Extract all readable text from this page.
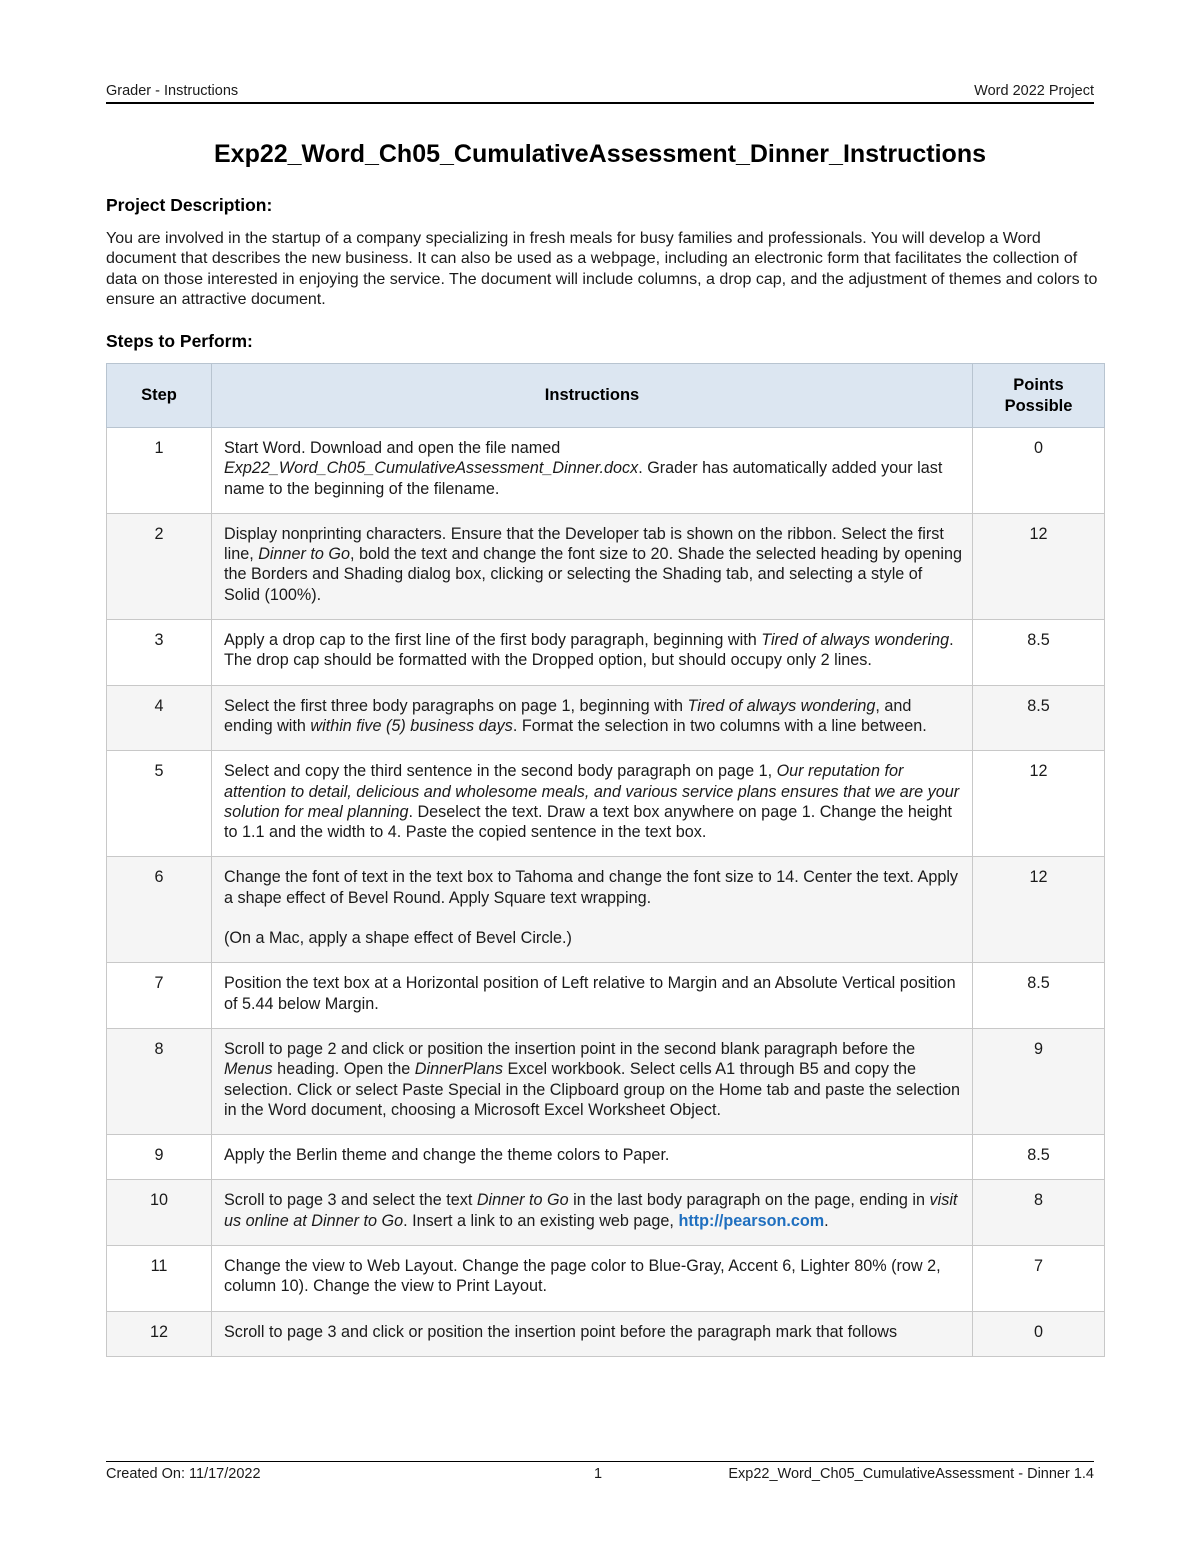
Grader - Instructions	Word 2022 Project
Exp22_Word_Ch05_CumulativeAssessment_Dinner_Instructions
Project Description:
You are involved in the startup of a company specializing in fresh meals for busy families and professionals. You will develop a Word document that describes the new business. It can also be used as a webpage, including an electronic form that facilitates the collection of data on those interested in enjoying the service. The document will include columns, a drop cap, and the adjustment of themes and colors to ensure an attractive document.
Steps to Perform:
Step	Instructions	Points
Possible
1	Start Word. Download and open the file named Exp22_Word_Ch05_CumulativeAssessment_Dinner.docx. Grader has automatically added your last name to the beginning of the filename.	0
2	Display nonprinting characters. Ensure that the Developer tab is shown on the ribbon. Select the first line, Dinner to Go, bold the text and change the font size to 20. Shade the selected heading by opening the Borders and Shading dialog box, clicking or selecting the Shading tab, and selecting a style of Solid (100%).	12
3	Apply a drop cap to the first line of the first body paragraph, beginning with Tired of always wondering. The drop cap should be formatted with the Dropped option, but should occupy only 2 lines.	8.5
4	Select the first three body paragraphs on page 1, beginning with Tired of always wondering, and ending with within five (5) business days. Format the selection in two columns with a line between.	8.5
5	Select and copy the third sentence in the second body paragraph on page 1, Our reputation for attention to detail, delicious and wholesome meals, and various service plans ensures that we are your solution for meal planning. Deselect the text. Draw a text box anywhere on page 1. Change the height to 1.1 and the width to 4. Paste the copied sentence in the text box.	12
6	Change the font of text in the text box to Tahoma and change the font size to 14. Center the text. Apply a shape effect of Bevel Round. Apply Square text wrapping.
(On a Mac, apply a shape effect of Bevel Circle.)	12
7	Position the text box at a Horizontal position of Left relative to Margin and an Absolute Vertical position of 5.44 below Margin.	8.5
8	Scroll to page 2 and click or position the insertion point in the second blank paragraph before the Menus heading. Open the DinnerPlans Excel workbook. Select cells A1 through B5 and copy the selection. Click or select Paste Special in the Clipboard group on the Home tab and paste the selection in the Word document, choosing a Microsoft Excel Worksheet Object.	9
9	Apply the Berlin theme and change the theme colors to Paper.	8.5
10	Scroll to page 3 and select the text Dinner to Go in the last body paragraph on the page, ending in visit us online at Dinner to Go. Insert a link to an existing web page, http://pearson.com.	8
11	Change the view to Web Layout. Change the page color to Blue-Gray, Accent 6, Lighter 80% (row 2, column 10). Change the view to Print Layout.	7
12	Scroll to page 3 and click or position the insertion point before the paragraph mark that follows	0
Created On: 11/17/2022	1	Exp22_Word_Ch05_CumulativeAssessment - Dinner 1.4
